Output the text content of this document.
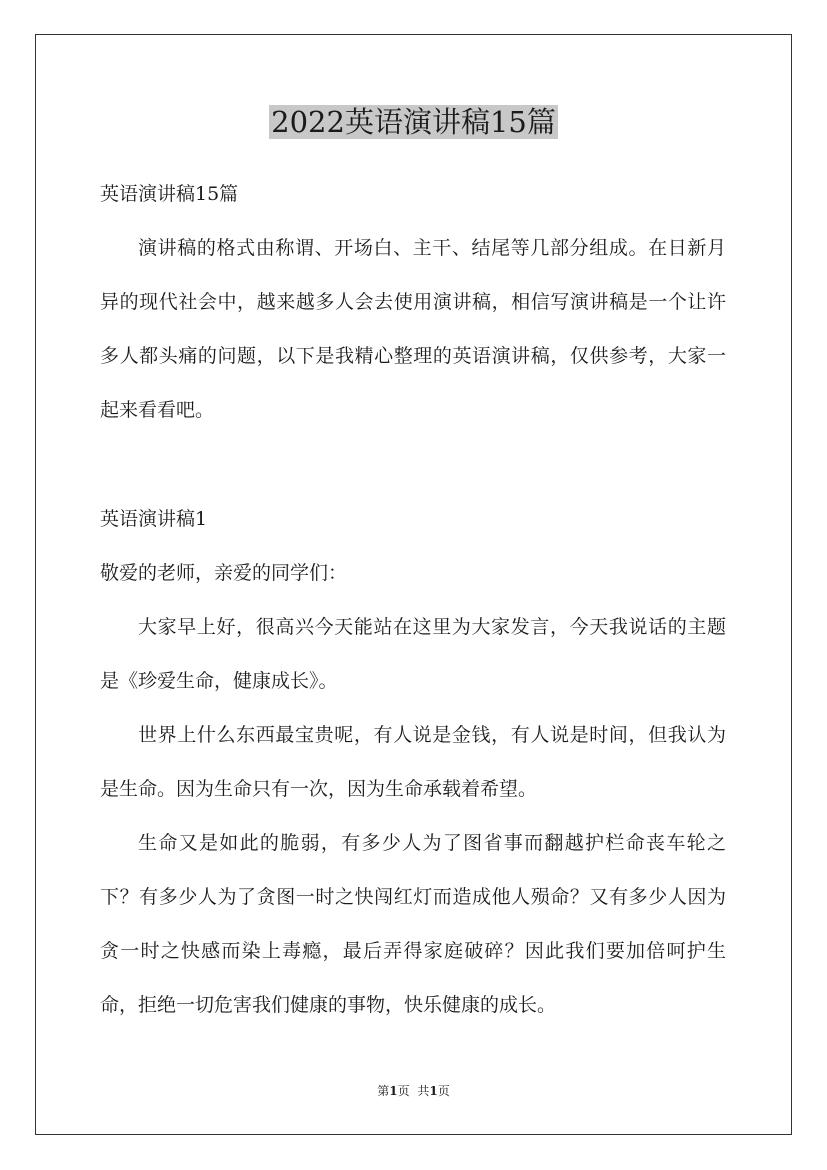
2022英语演讲稿15篇

英语演讲稿15篇

演讲稿的格式由称谓、开场白、主干、结尾等几部分组成。在日新月异的现代社会中，越来越多人会去使用演讲稿，相信写演讲稿是一个让许多人都头痛的问题，以下是我精心整理的英语演讲稿，仅供参考，大家一起来看看吧。

英语演讲稿1

敬爱的老师，亲爱的同学们：

大家早上好，很高兴今天能站在这里为大家发言，今天我说话的主题是《珍爱生命，健康成长》。

世界上什么东西最宝贵呢，有人说是金钱，有人说是时间，但我认为是生命。因为生命只有一次，因为生命承载着希望。

生命又是如此的脆弱，有多少人为了图省事而翻越护栏命丧车轮之下？有多少人为了贪图一时之快闯红灯而造成他人殒命？又有多少人因为贪一时之快感而染上毒瘾，最后弄得家庭破碎？因此我们要加倍呵护生命，拒绝一切危害我们健康的事物，快乐健康的成长。

第1页 共1页
